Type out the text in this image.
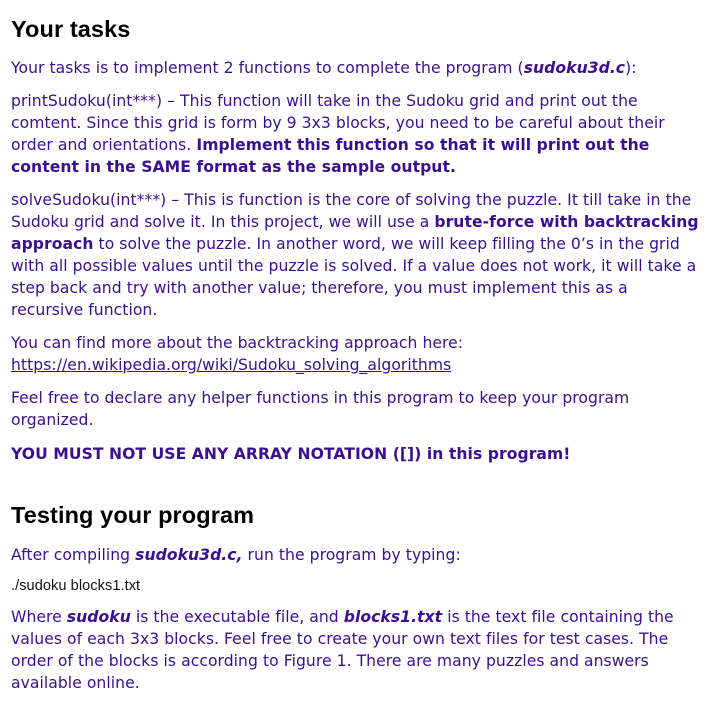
Your tasks

Your tasks is to implement 2 functions to complete the program (sudoku3d.c):

printSudoku(int***) – This function will take in the Sudoku grid and print out the comtent. Since this grid is form by 9 3x3 blocks, you need to be careful about their order and orientations. Implement this function so that it will print out the content in the SAME format as the sample output.

solveSudoku(int***) – This is function is the core of solving the puzzle. It till take in the Sudoku grid and solve it. In this project, we will use a brute-force with backtracking approach to solve the puzzle. In another word, we will keep filling the 0’s in the grid with all possible values until the puzzle is solved. If a value does not work, it will take a step back and try with another value; therefore, you must implement this as a recursive function.

You can find more about the backtracking approach here:
https://en.wikipedia.org/wiki/Sudoku_solving_algorithms

Feel free to declare any helper functions in this program to keep your program organized.

YOU MUST NOT USE ANY ARRAY NOTATION ([]) in this program!

Testing your program

After compiling sudoku3d.c, run the program by typing:

./sudoku blocks1.txt

Where sudoku is the executable file, and blocks1.txt is the text file containing the values of each 3x3 blocks. Feel free to create your own text files for test cases. The order of the blocks is according to Figure 1. There are many puzzles and answers available online.
